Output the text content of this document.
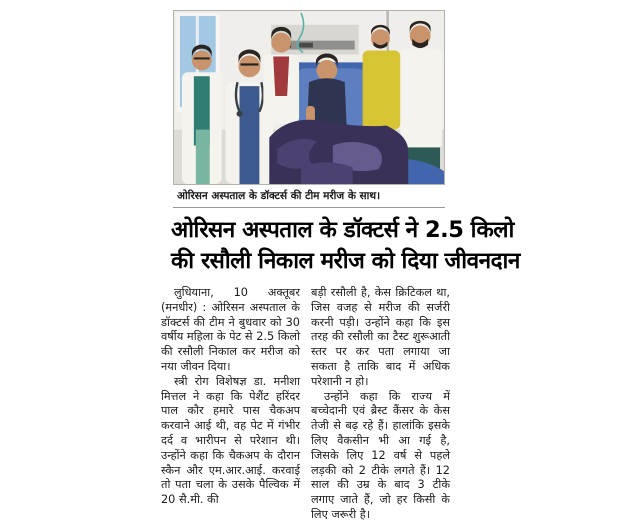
ओरिसन अस्पताल के डॉक्टर्स की टीम मरीज के साथ।
ओरिसन अस्पताल के डॉक्टर्स ने 2.5 किलो
की रसौली निकाल मरीज को दिया जीवनदान

लुधियाना, 10 अक्तूबर (मनधीर) : ओरिसन अस्पताल के डॉक्टर्स की टीम ने बुधवार को 30 वर्षीय महिला के पेट से 2.5 किलो की रसौली निकाल कर मरीज को नया जीवन दिया।

स्त्री रोग विशेषज्ञ डा. मनीशा मित्तल ने कहा कि पेशैंट हरिंदर पाल कौर हमारे पास चैकअप करवाने आई थी, वह पेट में गंभीर दर्द व भारीपन से परेशान थी। उन्होंने कहा कि चैकअप के दौरान स्कैन और एम.आर.आई. करवाई तो पता चला के उसके पैल्विक में 20 सै.मी. की

बड़ी रसौली है, केस क्रिटिकल था, जिस वजह से मरीज की सर्जरी करनी पड़ी। उन्होंने कहा कि इस तरह की रसौली का टैस्ट शुरूआती स्तर पर कर पता लगाया जा सकता है ताकि बाद में अधिक परेशानी न हो।

उन्होंने कहा कि राज्य में बच्चेदानी एवं ब्रैस्ट कैंसर के केस तेजी से बढ़ रहे हैं। हालांकि इसके लिए वैकसीन भी आ गई है, जिसके लिए 12 वर्ष से पहले लड़की को 2 टीके लगते हैं। 12 साल की उम्र के बाद 3 टीके लगाए जाते हैं, जो हर किसी के लिए जरूरी है।
